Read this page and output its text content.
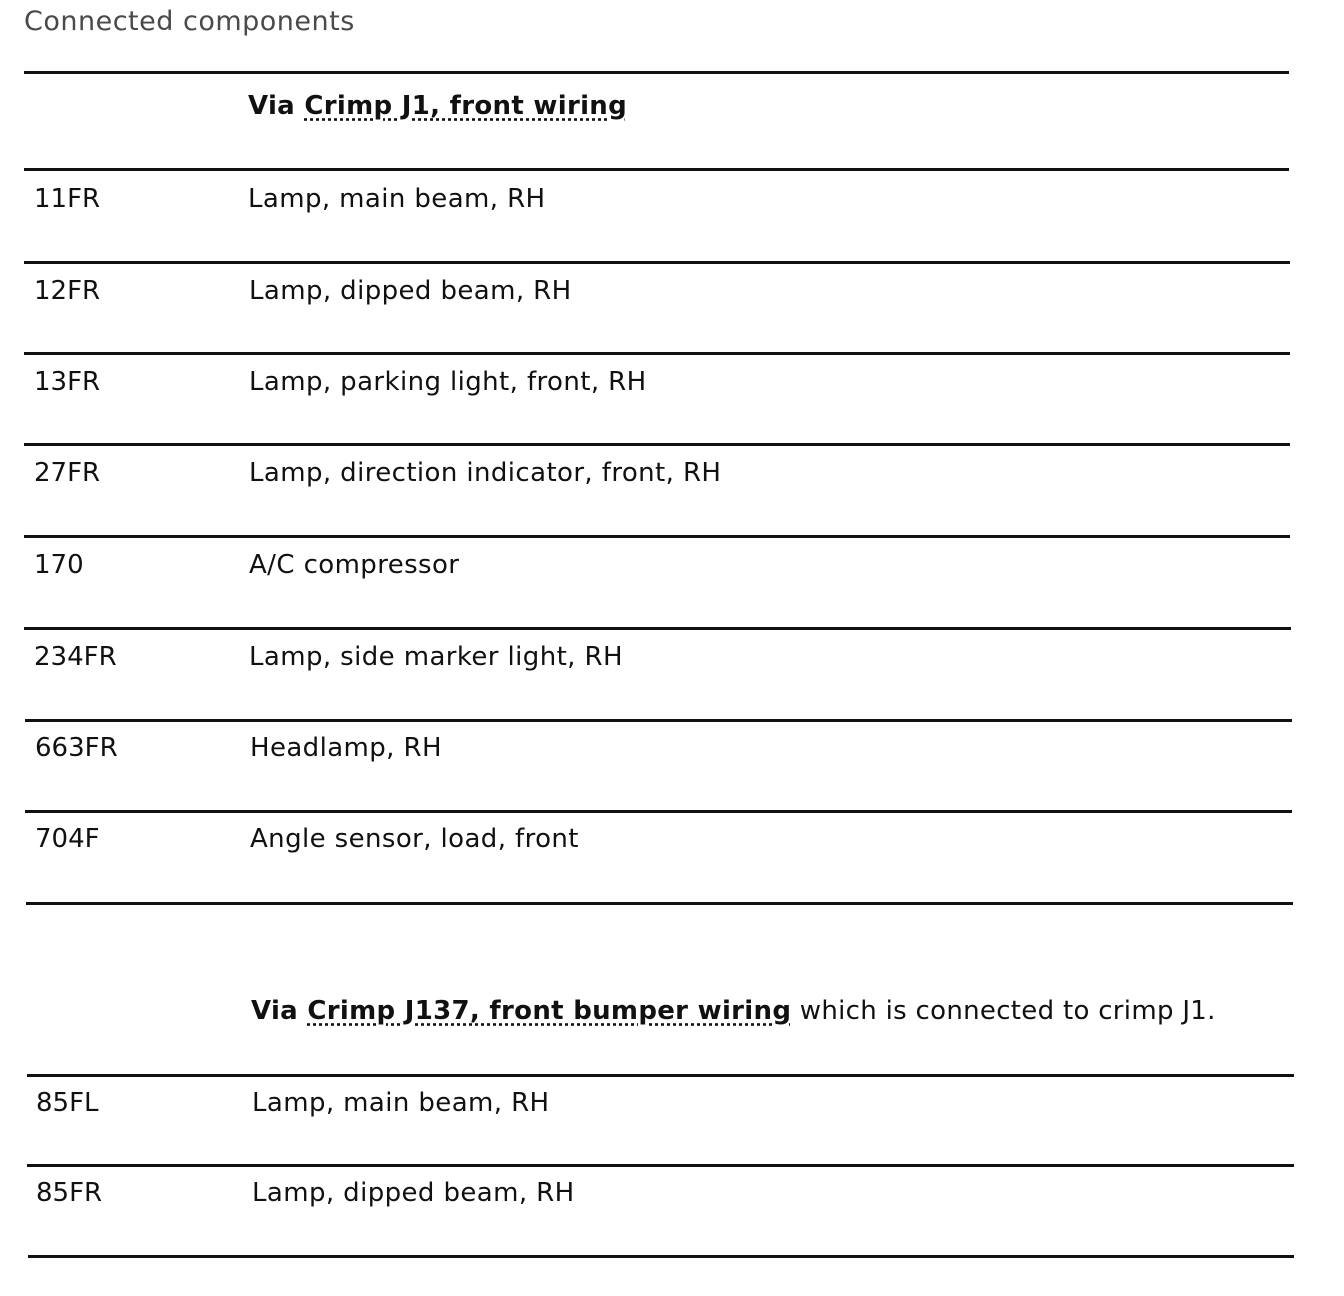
Connected components
Via Crimp J1, front wiring
11FR	Lamp, main beam, RH
12FR	Lamp, dipped beam, RH
13FR	Lamp, parking light, front, RH
27FR	Lamp, direction indicator, front, RH
170	A/C compressor
234FR	Lamp, side marker light, RH
663FR	Headlamp, RH
704F	Angle sensor, load, front
Via Crimp J137, front bumper wiring which is connected to crimp J1.
85FL	Lamp, main beam, RH
85FR	Lamp, dipped beam, RH
